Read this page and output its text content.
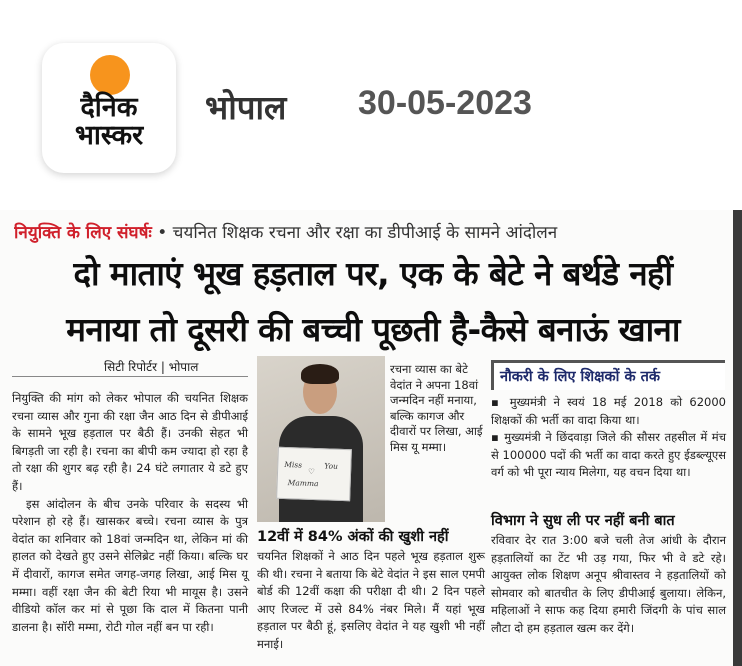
दैनिक
भास्कर
भोपाल 30-05-2023
नियुक्ति के लिए संघर्षः • चयनित शिक्षक रचना और रक्षा का डीपीआई के सामने आंदोलन
दो माताएं भूख हड़ताल पर, एक के बेटे ने बर्थडे नहीं
मनाया तो दूसरी की बच्ची पूछती है-कैसे बनाऊं खाना
सिटी रिपोर्टर | भोपाल

नियुक्ति की मांग को लेकर भोपाल की चयनित शिक्षक रचना व्यास और गुना की रक्षा जैन आठ दिन से डीपीआई के सामने भूख हड़ताल पर बैठी हैं। उनकी सेहत भी बिगड़ती जा रही है। रचना का बीपी कम ज्यादा हो रहा है तो रक्षा की शुगर बढ़ रही है। 24 घंटे लगातार ये डटे हुए हैं।

इस आंदोलन के बीच उनके परिवार के सदस्य भी परेशान हो रहे हैं। खासकर बच्चे। रचना व्यास के पुत्र वेदांत का शनिवार को 18वां जन्मदिन था, लेकिन मां की हालत को देखते हुए उसने सेलिब्रेट नहीं किया। बल्कि घर में दीवारों, कागज समेत जगह-जगह लिखा, आई मिस यू मम्मा। वहीं रक्षा जैन की बेटी रिया भी मायूस है। उसने वीडियो कॉल कर मां से पूछा कि दाल में कितना पानी डालना है। सॉरी मम्मा, रोटी गोल नहीं बन पा रही।

Miss
♡
You
Mamma
रचना व्यास का बेटे वेदांत ने अपना 18वां जन्मदिन नहीं मनाया, बल्कि कागज और दीवारों पर लिखा, आई मिस यू मम्मा।
12वीं में 84% अंकों की खुशी नहीं
चयनित शिक्षकों ने आठ दिन पहले भूख हड़ताल शुरू की थी। रचना ने बताया कि बेटे वेदांत ने इस साल एमपी बोर्ड की 12वीं कक्षा की परीक्षा दी थी। 2 दिन पहले आए रिजल्ट में उसे 84% नंबर मिले। मैं यहां भूख हड़ताल पर बैठी हूं, इसलिए वेदांत ने यह खुशी भी नहीं मनाई।
नौकरी के लिए शिक्षकों के तर्क
▪ मुख्यमंत्री ने स्वयं 18 मई 2018 को 62000 शिक्षकों की भर्ती का वादा किया था।
▪ मुख्यमंत्री ने छिंदवाड़ा जिले की सौसर तहसील में मंच से 100000 पदों की भर्ती का वादा करते हुए ईडब्ल्यूएस वर्ग को भी पूरा न्याय मिलेगा, यह वचन दिया था।
विभाग ने सुध ली पर नहीं बनी बात
रविवार देर रात 3:00 बजे चली तेज आंधी के दौरान हड़तालियों का टेंट भी उड़ गया, फिर भी वे डटे रहे। आयुक्त लोक शिक्षण अनूप श्रीवास्तव ने हड़तालियों को सोमवार को बातचीत के लिए डीपीआई बुलाया। लेकिन, महिलाओं ने साफ कह दिया हमारी जिंदगी के पांच साल लौटा दो हम हड़ताल खत्म कर देंगे।
